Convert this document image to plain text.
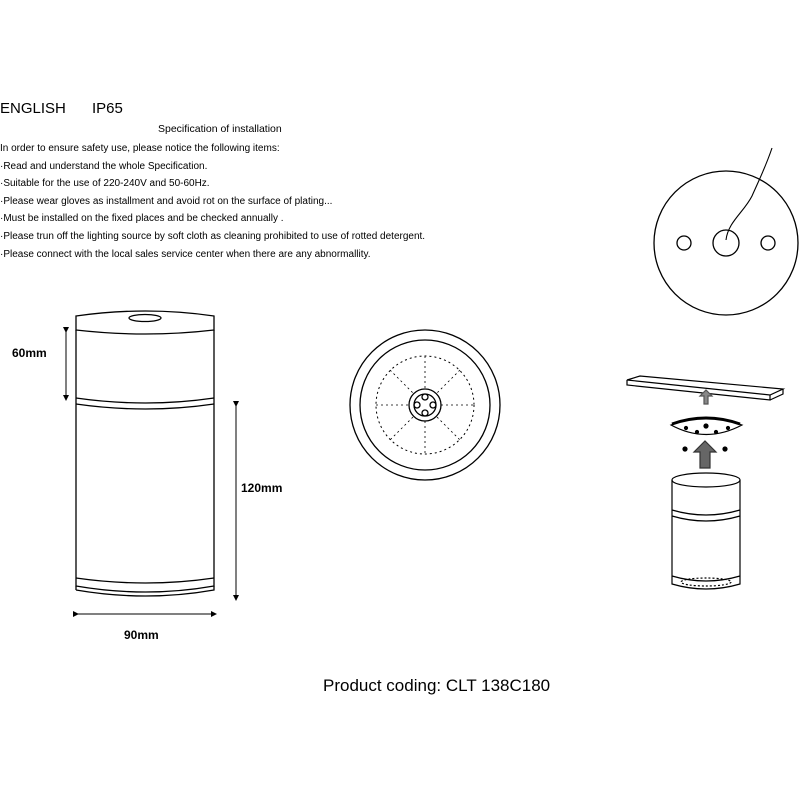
ENGLISH IP65
Specification of installation
In order to ensure safety use, please notice the following items:
·Read and understand the whole Specification.
·Suitable for the use of 220-240V and 50-60Hz.
·Please wear gloves as installment and avoid rot on the surface of plating...
·Must be installed on the fixed places and be checked annually .
·Please trun off the lighting source by soft cloth as cleaning prohibited to use of rotted detergent.
·Please connect with the local sales service center when there are any abnormallity.
60mm
120mm
90mm
Product coding: CLT 138C180
